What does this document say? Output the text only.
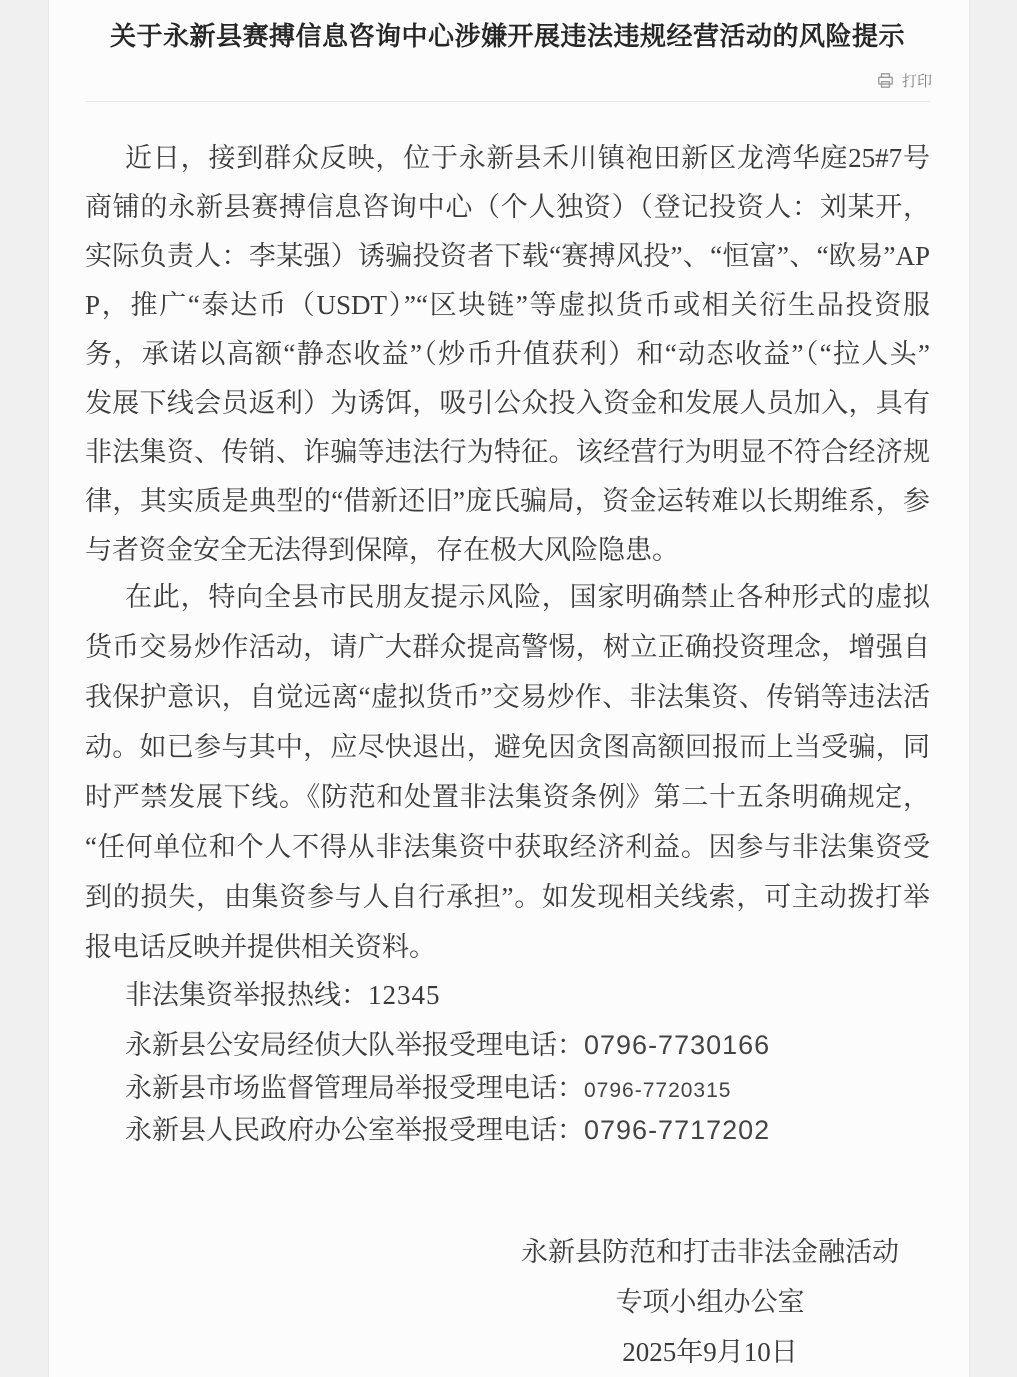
关于永新县赛搏信息咨询中心涉嫌开展违法违规经营活动的风险提示
打印
近日，接到群众反映，位于永新县禾川镇袍田新区龙湾华庭25#7号
商铺的永新县赛搏信息咨询中心（个人独资）（登记投资人：刘某开，
实际负责人：李某强）诱骗投资者下载“赛搏风投”、“恒富”、“欧易”AP
P，推广“泰达币（USDT）”“区块链”等虚拟货币或相关衍生品投资服
务，承诺以高额“静态收益”（炒币升值获利）和“动态收益”（“拉人头”
发展下线会员返利）为诱饵，吸引公众投入资金和发展人员加入，具有
非法集资、传销、诈骗等违法行为特征。该经营行为明显不符合经济规
律，其实质是典型的“借新还旧”庞氏骗局，资金运转难以长期维系，参
与者资金安全无法得到保障，存在极大风险隐患。
在此，特向全县市民朋友提示风险，国家明确禁止各种形式的虚拟
货币交易炒作活动，请广大群众提高警惕，树立正确投资理念，增强自
我保护意识，自觉远离“虚拟货币”交易炒作、非法集资、传销等违法活
动。如已参与其中，应尽快退出，避免因贪图高额回报而上当受骗，同
时严禁发展下线。《防范和处置非法集资条例》第二十五条明确规定，
“任何单位和个人不得从非法集资中获取经济利益。因参与非法集资受
到的损失，由集资参与人自行承担”。如发现相关线索，可主动拨打举
报电话反映并提供相关资料。
非法集资举报热线：12345
永新县公安局经侦大队举报受理电话：0796-7730166
永新县市场监督管理局举报受理电话：0796-7720315
永新县人民政府办公室举报受理电话：0796-7717202
永新县防范和打击非法金融活动
专项小组办公室
2025年9月10日
